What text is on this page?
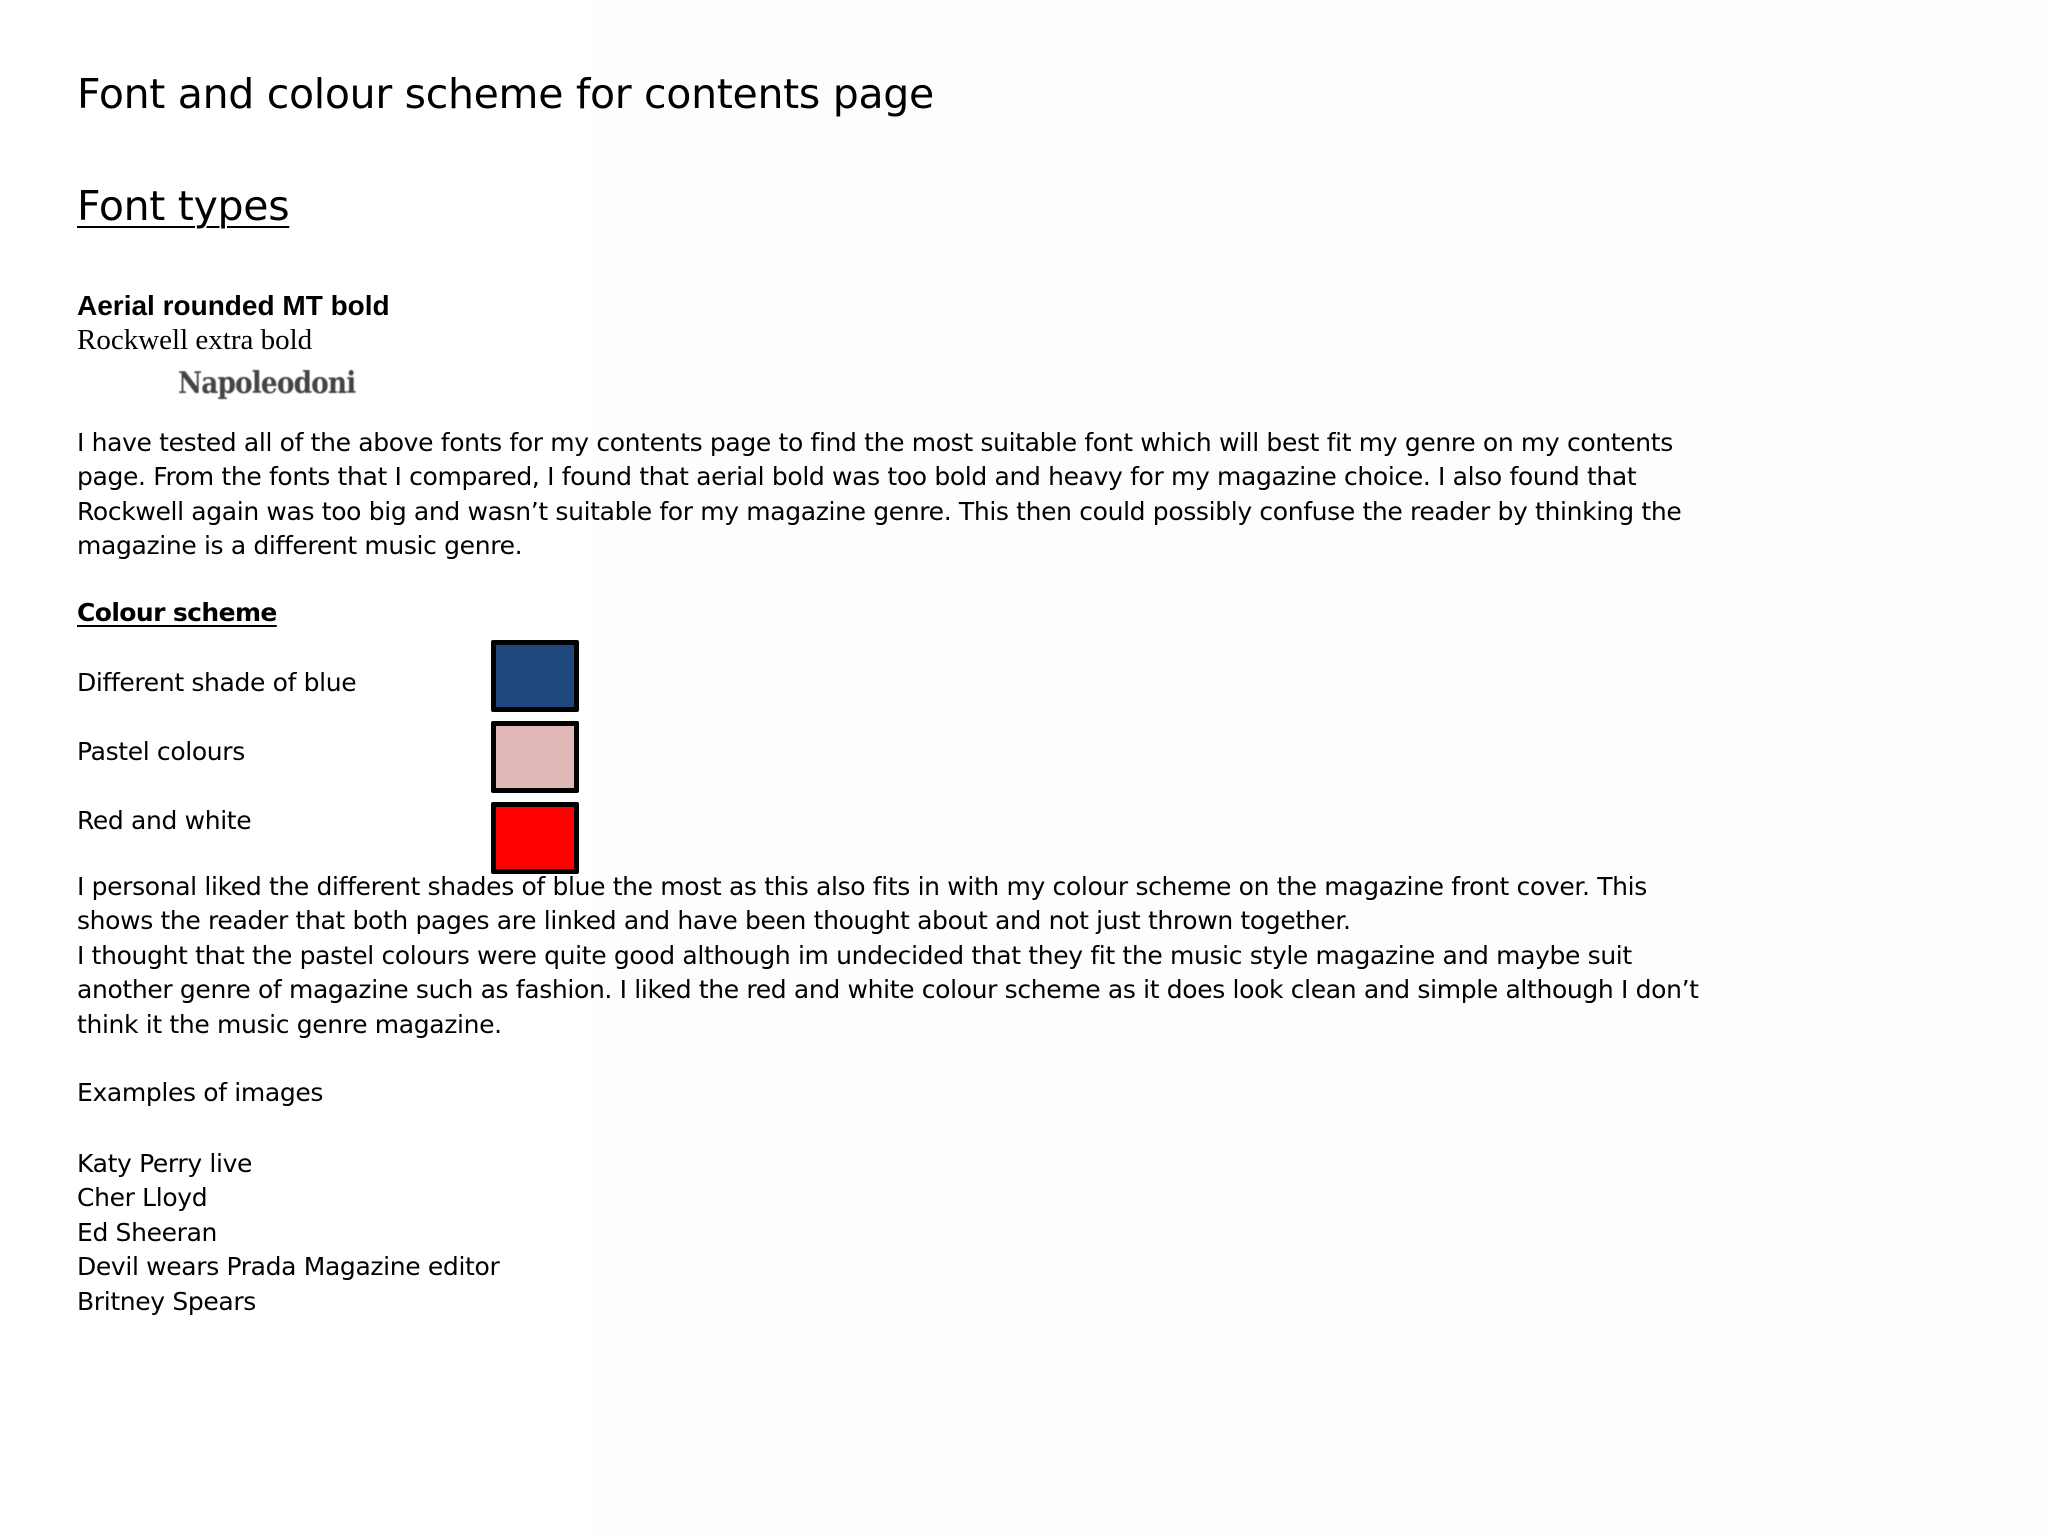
Font and colour scheme for contents page
Font types
Aerial rounded MT bold
Rockwell extra bold
Napoleodoni
I have tested all of the above fonts for my contents page to find the most suitable font which will best fit my genre on my contents
page. From the fonts that I compared, I found that aerial bold was too bold and heavy for my magazine choice. I also found that
Rockwell again was too big and wasn’t suitable for my magazine genre. This then could possibly confuse the reader by thinking the
magazine is a different music genre.
Colour scheme
Different shade of blue
Pastel colours
Red and white
I personal liked the different shades of blue the most as this also fits in with my colour scheme on the magazine front cover. This
shows the reader that both pages are linked and have been thought about and not just thrown together.
I thought that the pastel colours were quite good although im undecided that they fit the music style magazine and maybe suit
another genre of magazine such as fashion. I liked the red and white colour scheme as it does look clean and simple although I don’t
think it the music genre magazine.
Examples of images
Katy Perry live
Cher Lloyd
Ed Sheeran
Devil wears Prada Magazine editor
Britney Spears
